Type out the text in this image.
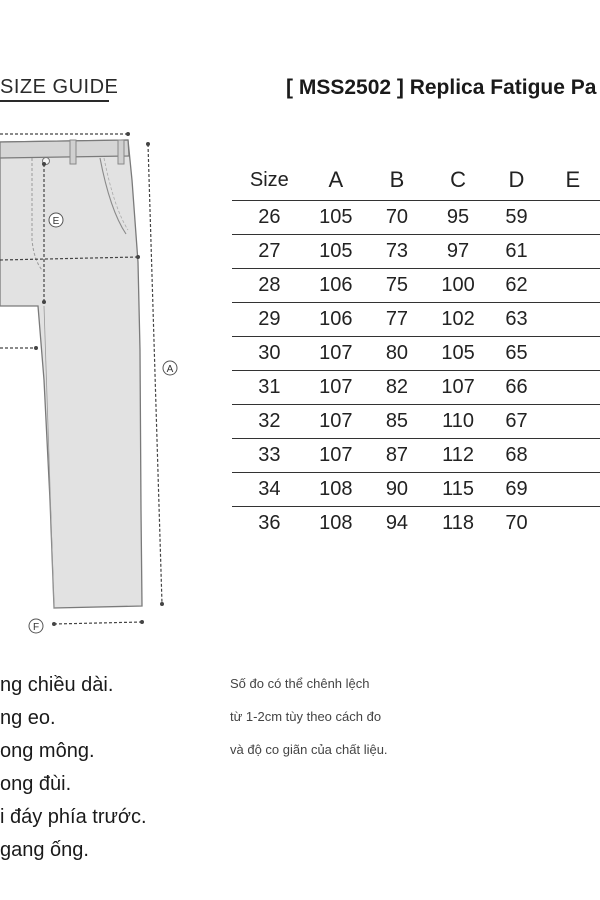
SIZE GUIDE	[ MSS2502 ] Replica Fatigue Pa
E
A
F
Size	A	B	C	D	E
26	105	70	95	59	
27	105	73	97	61	
28	106	75	100	62	
29	106	77	102	63	
30	107	80	105	65	
31	107	82	107	66	
32	107	85	110	67	
33	107	87	112	68	
34	108	90	115	69	
36	108	94	118	70	
ng chiều dài.
ng eo.
ong mông.
ong đùi.
i đáy phía trước.
gang ống.
Số đo có thể chênh lệch
từ 1-2cm tùy theo cách đo
và độ co giãn của chất liệu.
